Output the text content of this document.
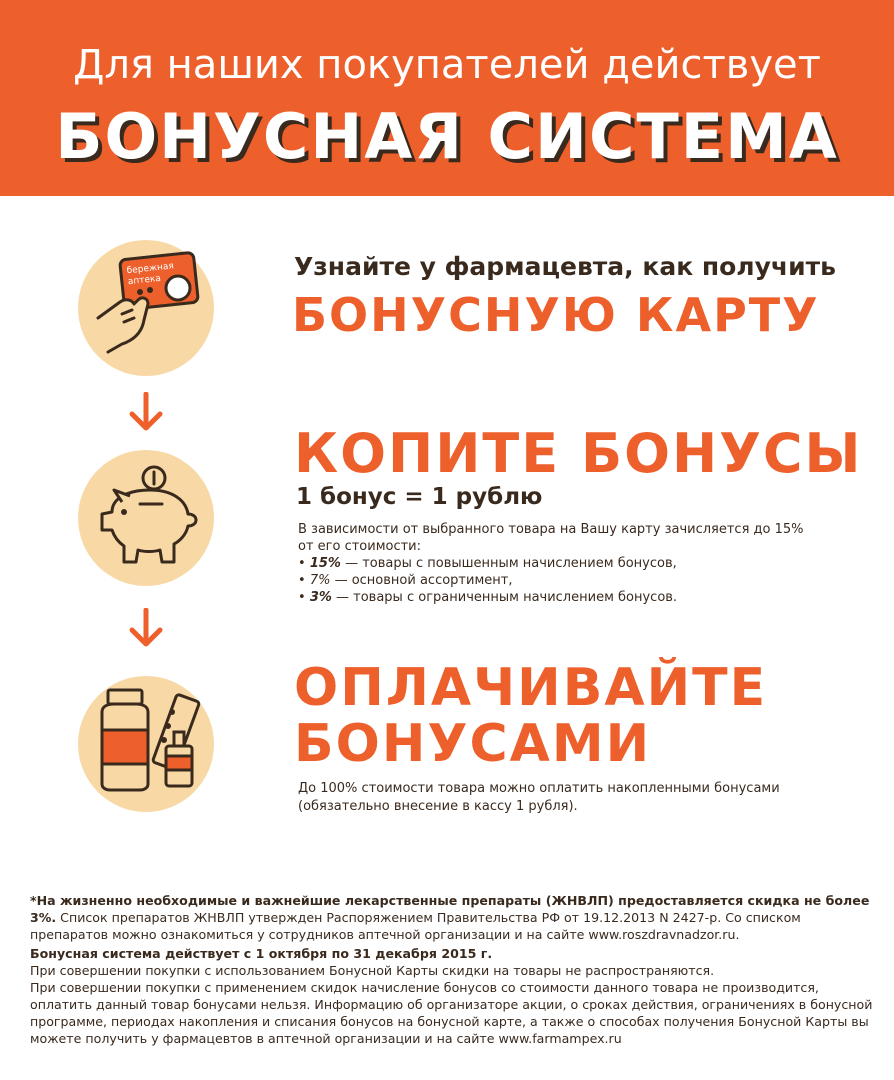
Для наших покупателей действует
БОНУСНАЯ СИСТЕМА
бережная
аптека	Узнайте у фармацевта, как получить
БОНУСНУЮ КАРТУ
КОПИТЕ БОНУСЫ
1 бонус = 1 рублю
В зависимости от выбранного товара на Вашу карту зачисляется до 15%
от его стоимости:
• 15% — товары с повышенным начислением бонусов,
• 7% — основной ассортимент,
• 3% — товары с ограниченным начислением бонусов.
ОПЛАЧИВАЙТЕ
БОНУСАМИ
До 100% стоимости товара можно оплатить накопленными бонусами
(обязательно внесение в кассу 1 рубля).

*На жизненно необходимые и важнейшие лекарственные препараты (ЖНВЛП) предоставляется скидка не более 3%. Список препаратов ЖНВЛП утвержден Распоряжением Правительства РФ от 19.12.2013 N 2427-р. Со списком препаратов можно ознакомиться у сотрудников аптечной организации и на сайте www.roszdravnadzor.ru.

Бонусная система действует с 1 октября по 31 декабря 2015 г.

При совершении покупки с использованием Бонусной Карты скидки на товары не распространяются.

При совершении покупки с применением скидок начисление бонусов со стоимости данного товара не производится, оплатить данный товар бонусами нельзя. Информацию об организаторе акции, о сроках действия, ограничениях в бонусной программе, периодах накопления и списания бонусов на бонусной карте, а также о способах получения Бонусной Карты вы можете получить у фармацевтов в аптечной организации и на сайте www.farmampex.ru
